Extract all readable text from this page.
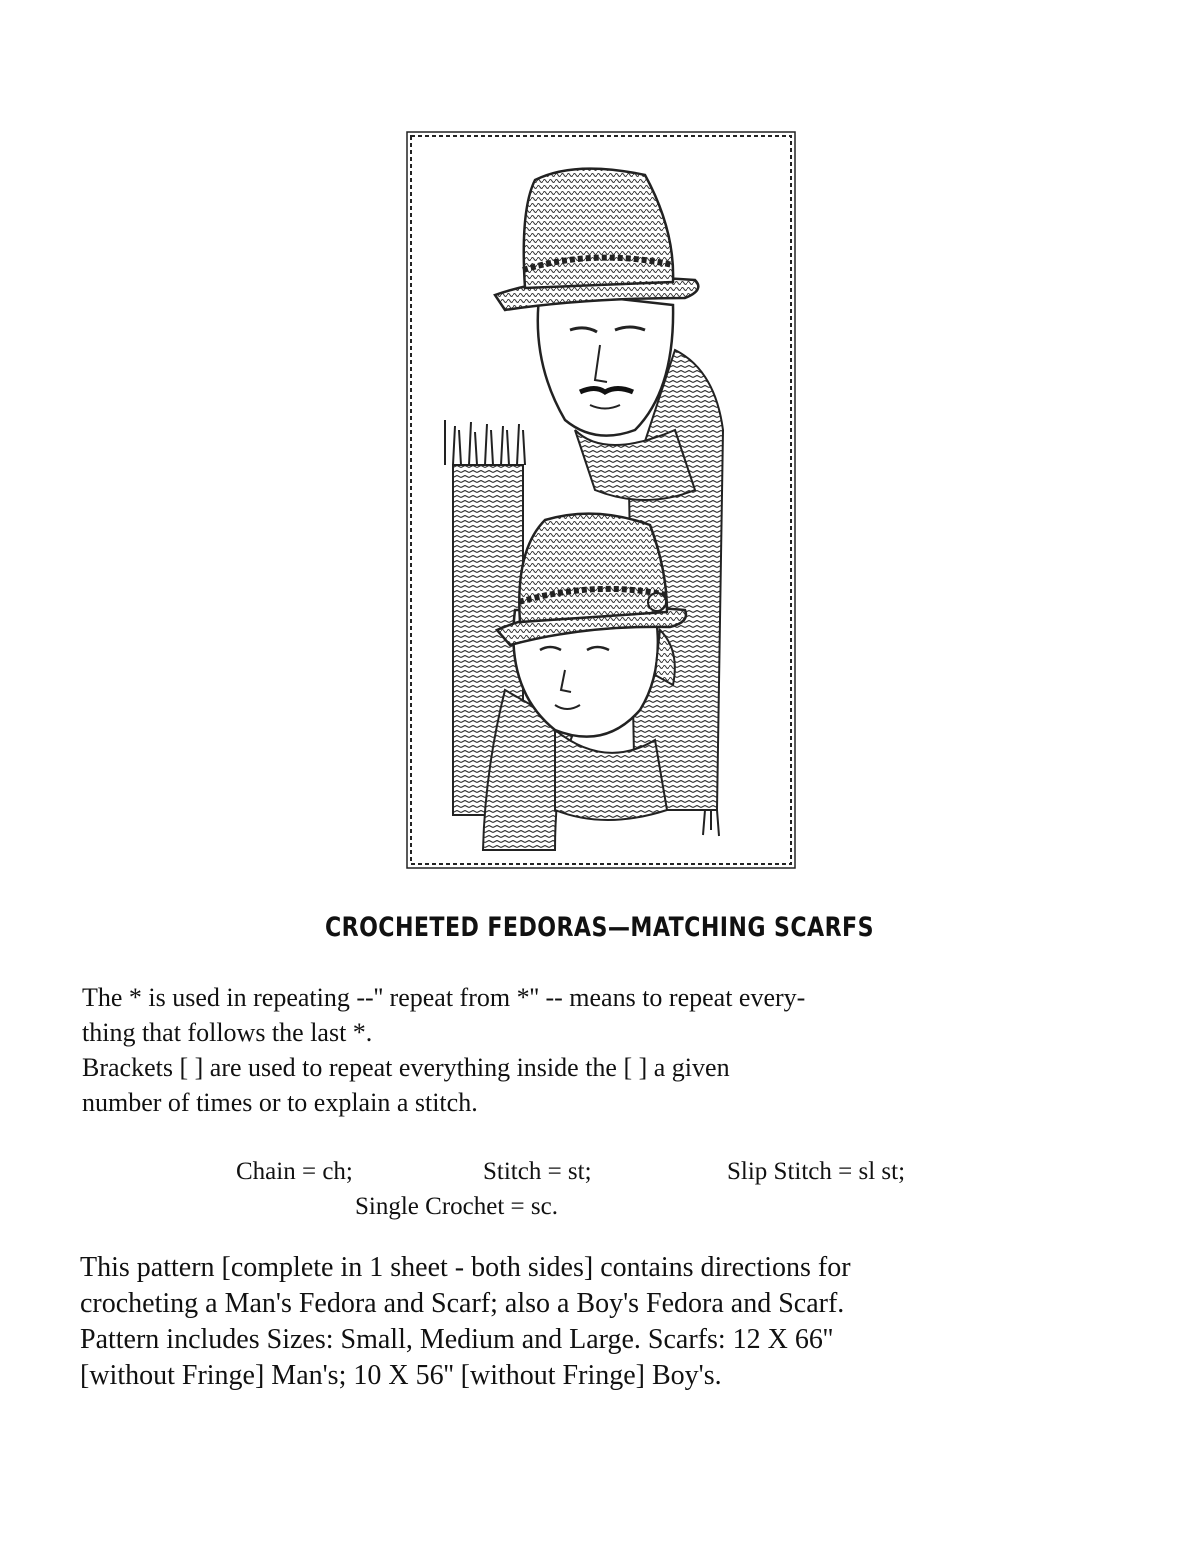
CROCHETED FEDORAS—MATCHING SCARFS
The * is used in repeating --'' repeat from *'' -- means to repeat every-
thing that follows the last *.
Brackets [ ] are used to repeat everything inside the [ ] a given
number of times or to explain a stitch.

Chain = ch;	Stitch = st;	Slip Stitch = sl st;

Single Crochet = sc.

This pattern [complete in 1 sheet - both sides] contains directions for
crocheting a Man's Fedora and Scarf; also a Boy's Fedora and Scarf.
Pattern includes Sizes: Small, Medium and Large. Scarfs: 12 X 66''
[without Fringe] Man's; 10 X 56'' [without Fringe] Boy's.
